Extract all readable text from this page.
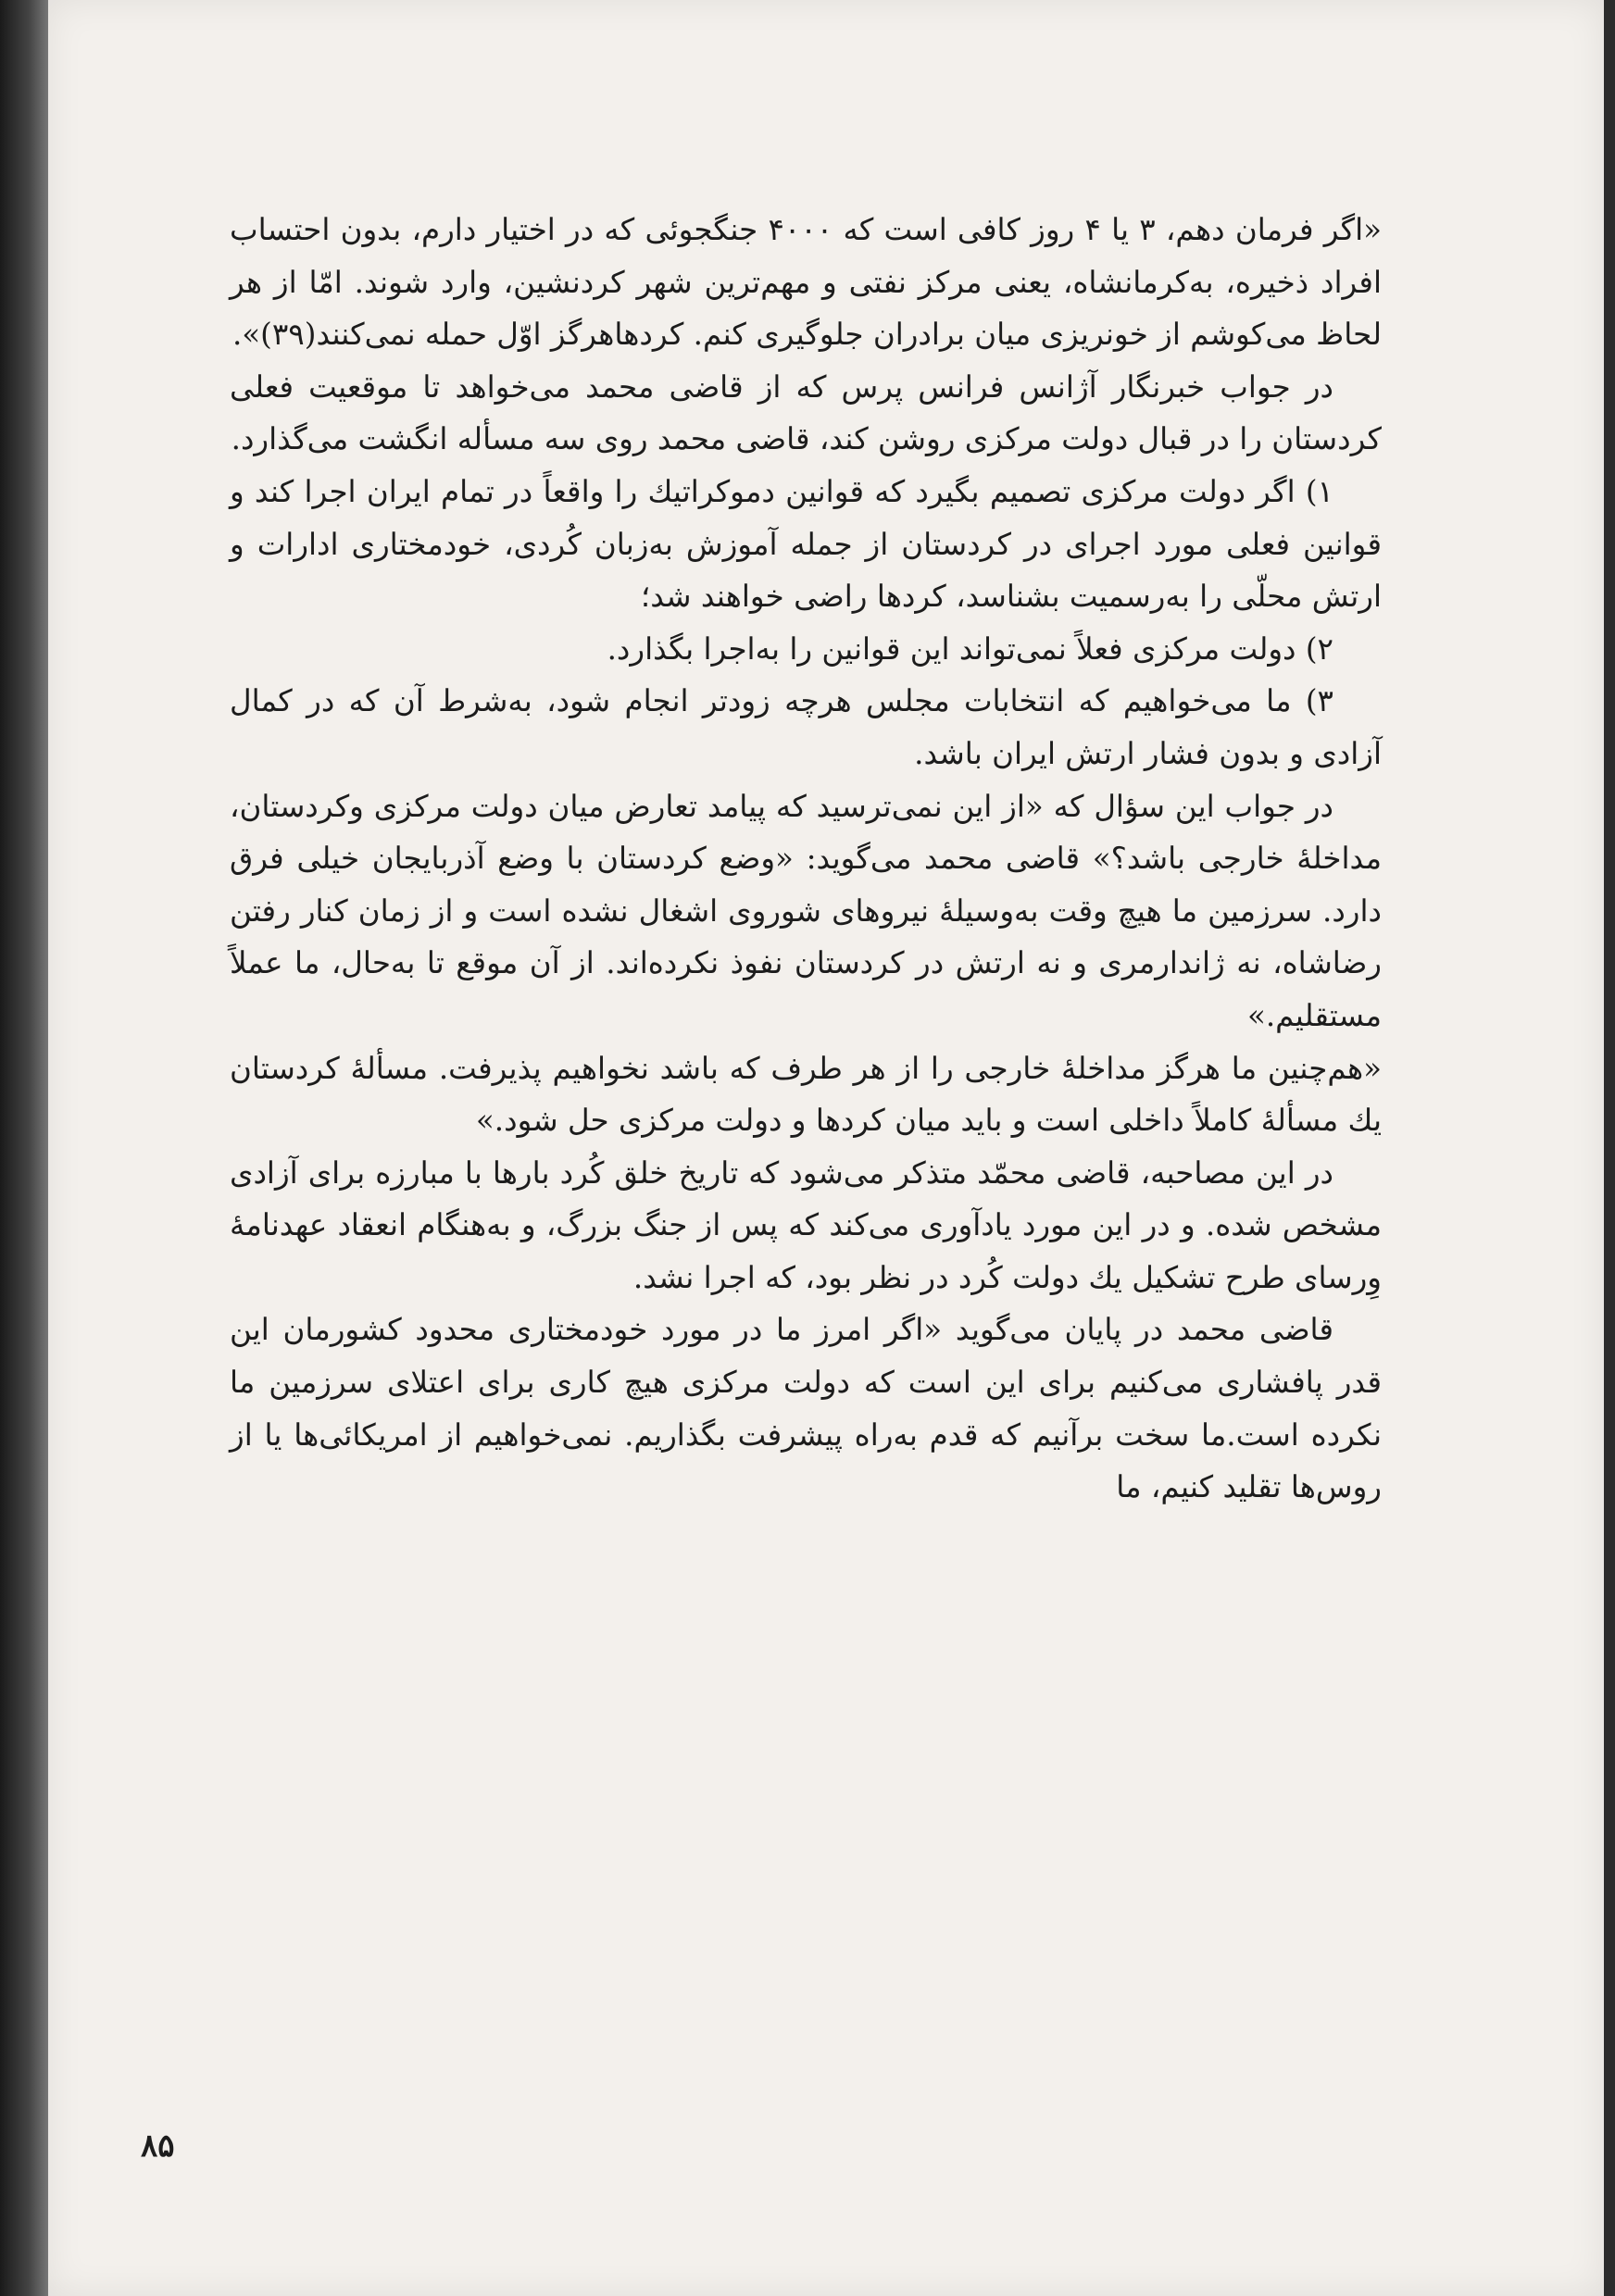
«اگر فرمان دهم، ۳ یا ۴ روز کافی است که ۴۰۰۰ جنگجوئی که در اختیار دارم، بدون احتساب افراد ذخیره، به‌کرمانشاه، یعنی مرکز نفتی و مهم‌ترین شهر کردنشین، وارد شوند. امّا از هر لحاظ می‌کوشم از خونریزی میان برادران جلوگیری کنم. کردهاهرگز اوّل حمله نمی‌کنند(۳۹)».

در جواب خبرنگار آژانس فرانس پرس که از قاضی محمد می‌خواهد تا موقعیت فعلی کردستان را در قبال دولت مرکزی روشن کند، قاضی محمد روی سه مسأله انگشت می‌گذارد.

۱) اگر دولت مرکزی تصمیم بگیرد که قوانین دموکراتیك را واقعاً در تمام ایران اجرا کند و قوانین فعلی مورد اجرای در کردستان از جمله آموزش به‌زبان کُردی، خودمختاری ادارات و ارتش محلّی را به‌رسمیت بشناسد، کردها راضی خواهند شد؛

۲) دولت مرکزی فعلاً نمی‌تواند این قوانین را به‌اجرا بگذارد.

۳) ما می‌خواهیم که انتخابات مجلس هرچه زودتر انجام شود، به‌شرط آن که در کمال آزادی و بدون فشار ارتش ایران باشد.

در جواب این سؤال که «از این نمی‌ترسید که پیامد تعارض میان دولت مرکزی وکردستان، مداخلهٔ خارجی باشد؟» قاضی محمد می‌گوید: «وضع کردستان با وضع آذربایجان خیلی فرق دارد. سرزمین ما هیچ وقت به‌وسیلهٔ نیروهای شوروی اشغال نشده است و از زمان کنار رفتن رضاشاه، نه ژاندارمری و نه ارتش در کردستان نفوذ نکرده‌اند. از آن موقع تا به‌حال، ما عملاً مستقلیم.»

«هم‌چنین ما هرگز مداخلهٔ خارجی را از هر طرف که باشد نخواهیم پذیرفت. مسألهٔ کردستان یك مسألهٔ کاملاً داخلی است و باید میان کردها و دولت مرکزی حل شود.»

در این مصاحبه، قاضی محمّد متذکر می‌شود که تاریخ خلق کُرد بارها با مبارزه برای آزادی مشخص شده. و در این مورد یادآوری می‌کند که پس از جنگ بزرگ، و به‌هنگام انعقاد عهدنامهٔ وِرسای طرح تشکیل یك دولت کُرد در نظر بود، که اجرا نشد.

قاضی محمد در پایان می‌گوید «اگر امرز ما در مورد خودمختاری محدود کشورمان این قدر پافشاری می‌کنیم برای این است که دولت مرکزی هیچ کاری برای اعتلای سرزمین ما نکرده است.ما سخت برآنیم که قدم به‌راه پیشرفت بگذاریم. نمی‌خواهیم از امریکائی‌ها یا از روس‌ها تقلید کنیم، ما

۸۵
